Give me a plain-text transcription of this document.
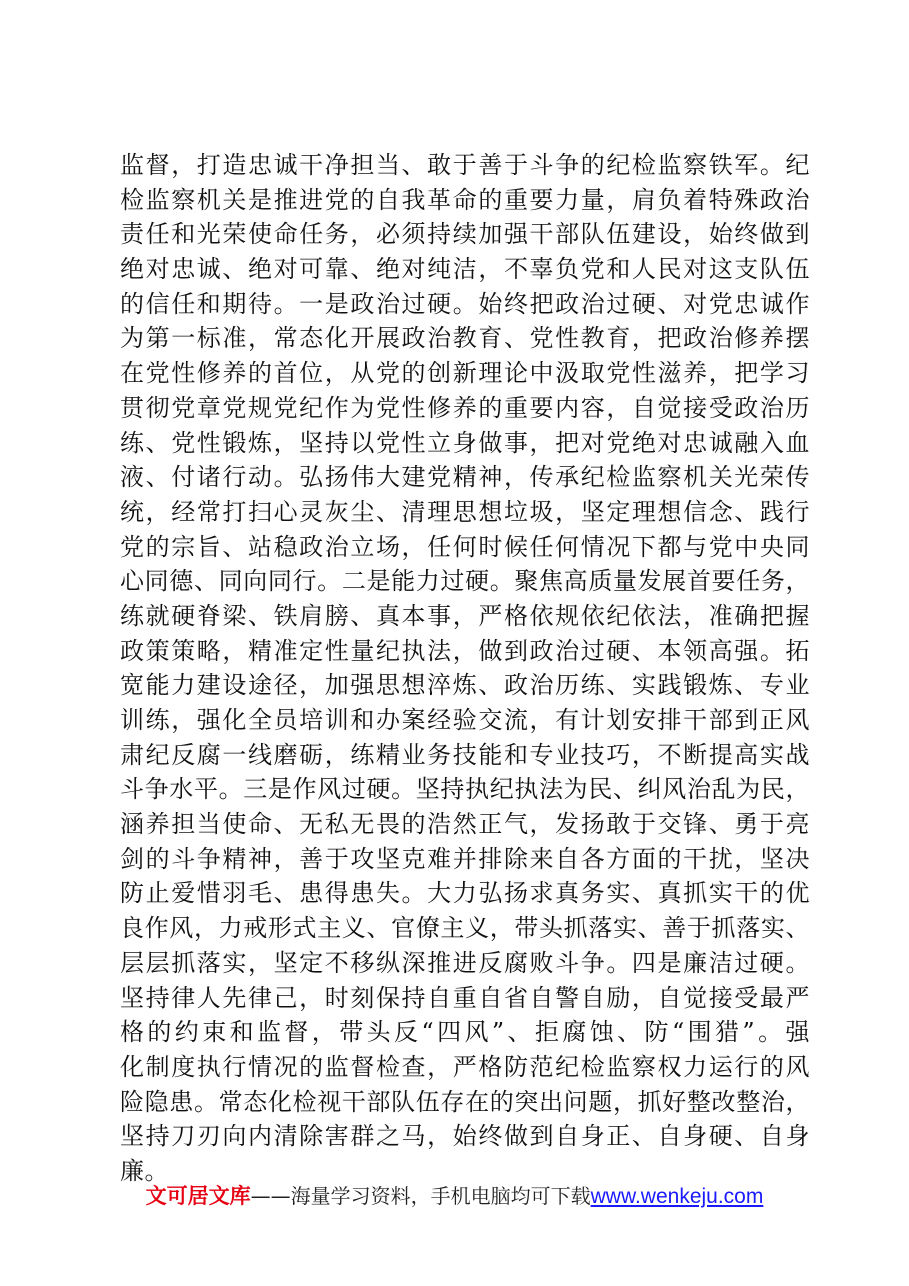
监督，打造忠诚干净担当、敢于善于斗争的纪检监察铁军。纪
检监察机关是推进党的自我革命的重要力量，肩负着特殊政治
责任和光荣使命任务，必须持续加强干部队伍建设，始终做到
绝对忠诚、绝对可靠、绝对纯洁，不辜负党和人民对这支队伍
的信任和期待。一是政治过硬。始终把政治过硬、对党忠诚作
为第一标准，常态化开展政治教育、党性教育，把政治修养摆
在党性修养的首位，从党的创新理论中汲取党性滋养，把学习
贯彻党章党规党纪作为党性修养的重要内容，自觉接受政治历
练、党性锻炼，坚持以党性立身做事，把对党绝对忠诚融入血
液、付诸行动。弘扬伟大建党精神，传承纪检监察机关光荣传
统，经常打扫心灵灰尘、清理思想垃圾，坚定理想信念、践行
党的宗旨、站稳政治立场，任何时候任何情况下都与党中央同
心同德、同向同行。二是能力过硬。聚焦高质量发展首要任务，
练就硬脊梁、铁肩膀、真本事，严格依规依纪依法，准确把握
政策策略，精准定性量纪执法，做到政治过硬、本领高强。拓
宽能力建设途径，加强思想淬炼、政治历练、实践锻炼、专业
训练，强化全员培训和办案经验交流，有计划安排干部到正风
肃纪反腐一线磨砺，练精业务技能和专业技巧，不断提高实战
斗争水平。三是作风过硬。坚持执纪执法为民、纠风治乱为民，
涵养担当使命、无私无畏的浩然正气，发扬敢于交锋、勇于亮
剑的斗争精神，善于攻坚克难并排除来自各方面的干扰，坚决
防止爱惜羽毛、患得患失。大力弘扬求真务实、真抓实干的优
良作风，力戒形式主义、官僚主义，带头抓落实、善于抓落实、
层层抓落实，坚定不移纵深推进反腐败斗争。四是廉洁过硬。
坚持律人先律己，时刻保持自重自省自警自励，自觉接受最严
格的约束和监督，带头反“四风”、拒腐蚀、防“围猎”。强
化制度执行情况的监督检查，严格防范纪检监察权力运行的风
险隐患。常态化检视干部队伍存在的突出问题，抓好整改整治，
坚持刀刃向内清除害群之马，始终做到自身正、自身硬、自身
廉。
文可居文库——海量学习资料，手机电脑均可下载www.wenkeju.com
